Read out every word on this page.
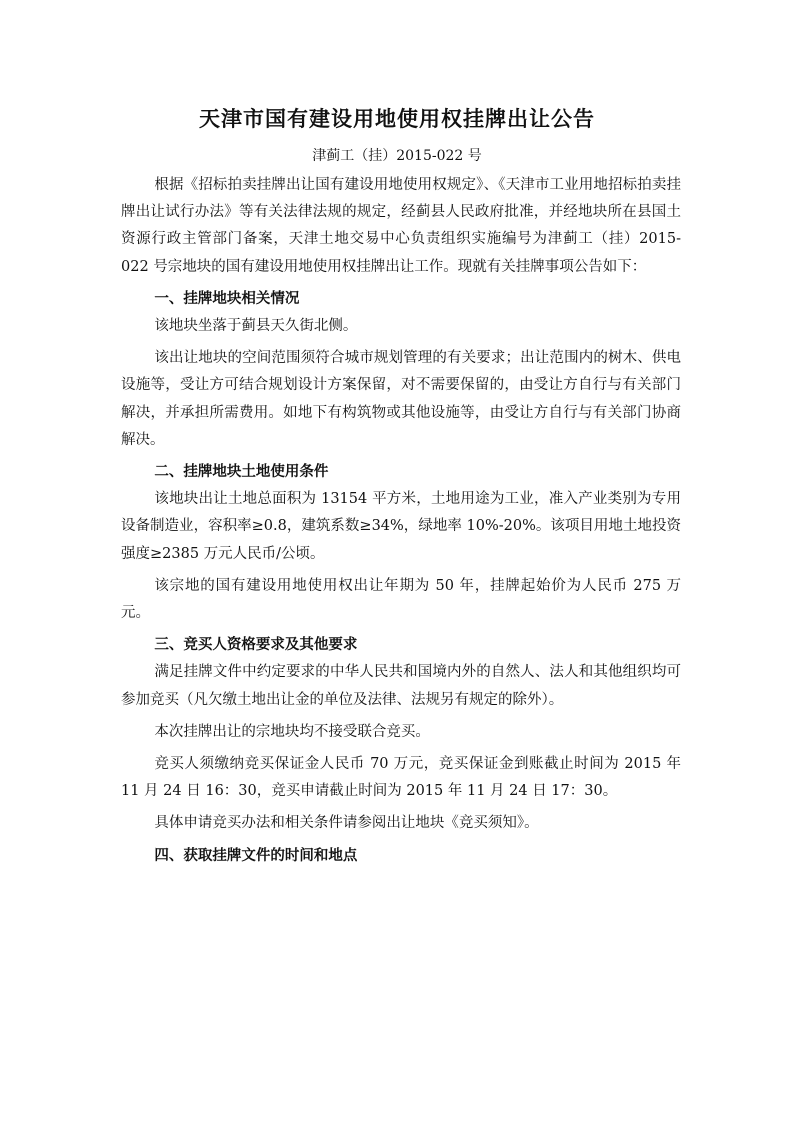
天津市国有建设用地使用权挂牌出让公告

津蓟工（挂）2015-022 号

根据《招标拍卖挂牌出让国有建设用地使用权规定》、《天津市工业用地招标拍卖挂牌出让试行办法》等有关法律法规的规定，经蓟县人民政府批准，并经地块所在县国土资源行政主管部门备案，天津土地交易中心负责组织实施编号为津蓟工（挂）2015-022 号宗地块的国有建设用地使用权挂牌出让工作。现就有关挂牌事项公告如下：

一、挂牌地块相关情况

该地块坐落于蓟县天久街北侧。

该出让地块的空间范围须符合城市规划管理的有关要求；出让范围内的树木、供电设施等，受让方可结合规划设计方案保留，对不需要保留的，由受让方自行与有关部门解决，并承担所需费用。如地下有构筑物或其他设施等，由受让方自行与有关部门协商解决。

二、挂牌地块土地使用条件

该地块出让土地总面积为 13154 平方米，土地用途为工业，准入产业类别为专用设备制造业，容积率≥0.8，建筑系数≥34%，绿地率 10%-20%。该项目用地土地投资强度≥2385 万元人民币/公顷。

该宗地的国有建设用地使用权出让年期为 50 年，挂牌起始价为人民币 275 万元。

三、竞买人资格要求及其他要求

满足挂牌文件中约定要求的中华人民共和国境内外的自然人、法人和其他组织均可参加竞买（凡欠缴土地出让金的单位及法律、法规另有规定的除外）。

本次挂牌出让的宗地块均不接受联合竞买。

竞买人须缴纳竞买保证金人民币 70 万元，竞买保证金到账截止时间为 2015 年 11 月 24 日 16：30，竞买申请截止时间为 2015 年 11 月 24 日 17：30。

具体申请竞买办法和相关条件请参阅出让地块《竞买须知》。

四、获取挂牌文件的时间和地点
